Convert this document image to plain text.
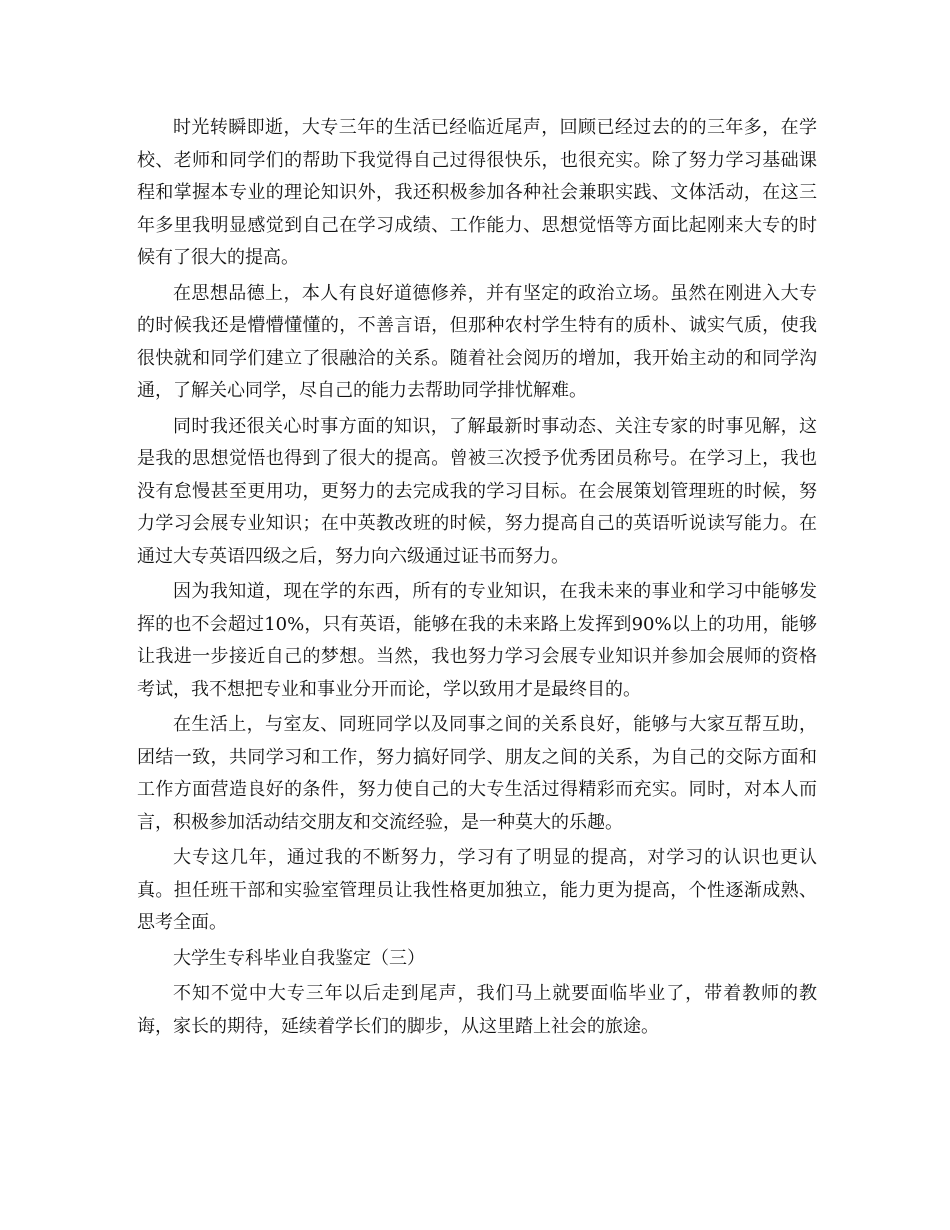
时光转瞬即逝，大专三年的生活已经临近尾声，回顾已经过去的的三年多，在学校、老师和同学们的帮助下我觉得自己过得很快乐，也很充实。除了努力学习基础课程和掌握本专业的理论知识外，我还积极参加各种社会兼职实践、文体活动，在这三年多里我明显感觉到自己在学习成绩、工作能力、思想觉悟等方面比起刚来大专的时候有了很大的提高。

在思想品德上，本人有良好道德修养，并有坚定的政治立场。虽然在刚进入大专的时候我还是懵懵懂懂的，不善言语，但那种农村学生特有的质朴、诚实气质，使我很快就和同学们建立了很融洽的关系。随着社会阅历的增加，我开始主动的和同学沟通，了解关心同学，尽自己的能力去帮助同学排忧解难。

同时我还很关心时事方面的知识，了解最新时事动态、关注专家的时事见解，这是我的思想觉悟也得到了很大的提高。曾被三次授予优秀团员称号。在学习上，我也没有怠慢甚至更用功，更努力的去完成我的学习目标。在会展策划管理班的时候，努力学习会展专业知识；在中英教改班的时候，努力提高自己的英语听说读写能力。在通过大专英语四级之后，努力向六级通过证书而努力。

因为我知道，现在学的东西，所有的专业知识，在我未来的事业和学习中能够发挥的也不会超过10%，只有英语，能够在我的未来路上发挥到90%以上的功用，能够让我进一步接近自己的梦想。当然，我也努力学习会展专业知识并参加会展师的资格考试，我不想把专业和事业分开而论，学以致用才是最终目的。

在生活上，与室友、同班同学以及同事之间的关系良好，能够与大家互帮互助，团结一致，共同学习和工作，努力搞好同学、朋友之间的关系，为自己的交际方面和工作方面营造良好的条件，努力使自己的大专生活过得精彩而充实。同时，对本人而言，积极参加活动结交朋友和交流经验，是一种莫大的乐趣。

大专这几年，通过我的不断努力，学习有了明显的提高，对学习的认识也更认真。担任班干部和实验室管理员让我性格更加独立，能力更为提高，个性逐渐成熟、思考全面。

大学生专科毕业自我鉴定（三）

不知不觉中大专三年以后走到尾声，我们马上就要面临毕业了，带着教师的教诲，家长的期待，延续着学长们的脚步，从这里踏上社会的旅途。
